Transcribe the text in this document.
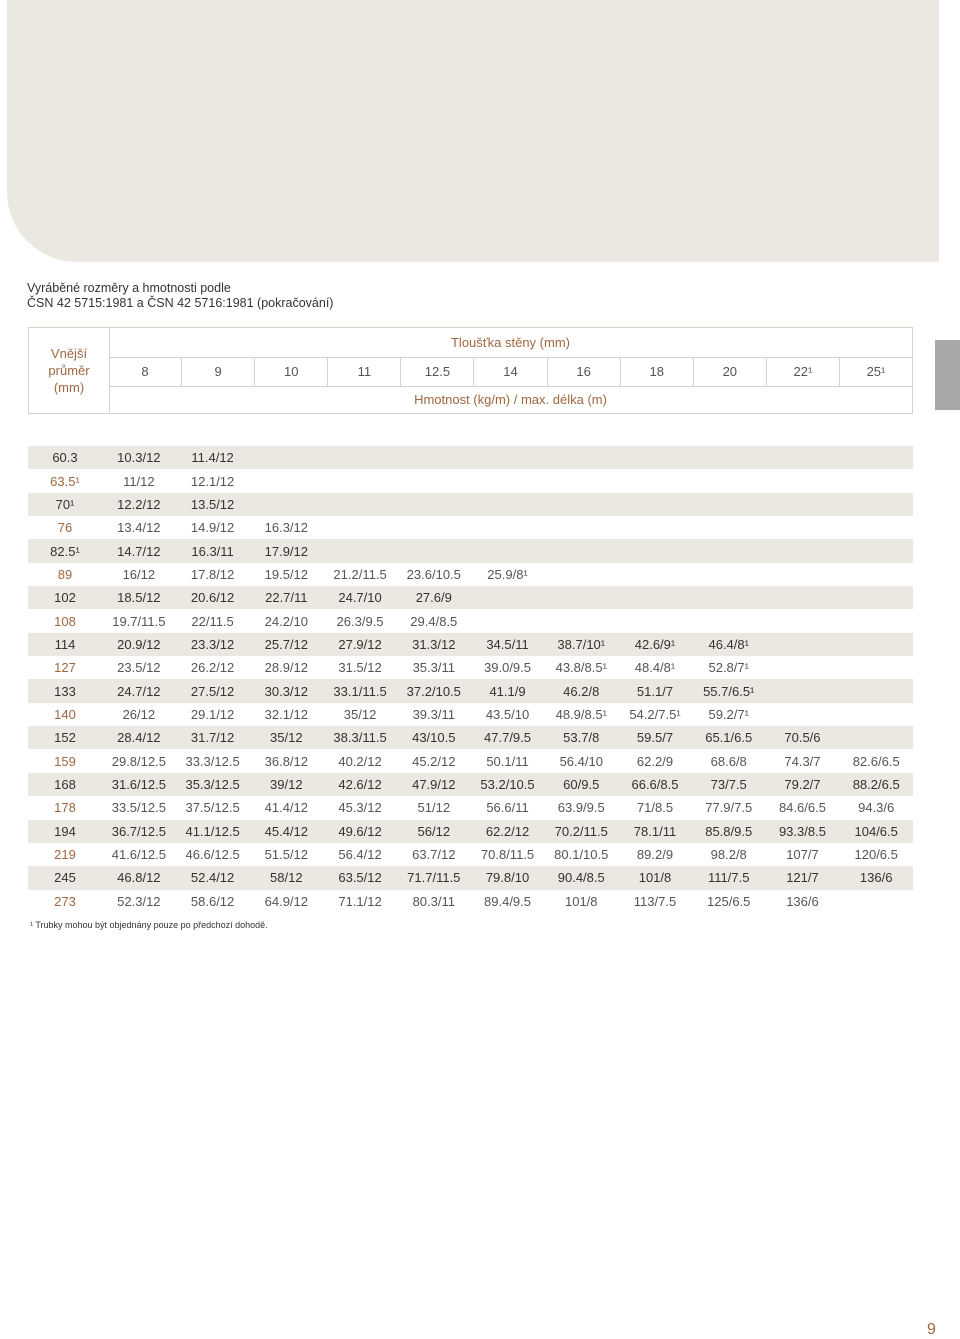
Vyráběné rozměry a hmotnosti podle
ČSN 42 5715:1981 a ČSN 42 5716:1981 (pokračování)
Vnější
průměr
(mm)
Tloušťka stěny (mm)
8	9	10	11	12.5	14	16	18	20	22¹	25¹
Hmotnost (kg/m) / max. délka (m)
60.3	10.3/12	11.4/12
63.5¹	11/12	12.1/12
70¹	12.2/12	13.5/12
76	13.4/12	14.9/12	16.3/12
82.5¹	14.7/12	16.3/11	17.9/12
89	16/12	17.8/12	19.5/12	21.2/11.5	23.6/10.5	25.9/8¹
102	18.5/12	20.6/12	22.7/11	24.7/10	27.6/9
108	19.7/11.5	22/11.5	24.2/10	26.3/9.5	29.4/8.5
114	20.9/12	23.3/12	25.7/12	27.9/12	31.3/12	34.5/11	38.7/10¹	42.6/9¹	46.4/8¹
127	23.5/12	26.2/12	28.9/12	31.5/12	35.3/11	39.0/9.5	43.8/8.5¹	48.4/8¹	52.8/7¹
133	24.7/12	27.5/12	30.3/12	33.1/11.5	37.2/10.5	41.1/9	46.2/8	51.1/7	55.7/6.5¹
140	26/12	29.1/12	32.1/12	35/12	39.3/11	43.5/10	48.9/8.5¹	54.2/7.5¹	59.2/7¹
152	28.4/12	31.7/12	35/12	38.3/11.5	43/10.5	47.7/9.5	53.7/8	59.5/7	65.1/6.5	70.5/6
159	29.8/12.5	33.3/12.5	36.8/12	40.2/12	45.2/12	50.1/11	56.4/10	62.2/9	68.6/8	74.3/7	82.6/6.5
168	31.6/12.5	35.3/12.5	39/12	42.6/12	47.9/12	53.2/10.5	60/9.5	66.6/8.5	73/7.5	79.2/7	88.2/6.5
178	33.5/12.5	37.5/12.5	41.4/12	45.3/12	51/12	56.6/11	63.9/9.5	71/8.5	77.9/7.5	84.6/6.5	94.3/6
194	36.7/12.5	41.1/12.5	45.4/12	49.6/12	56/12	62.2/12	70.2/11.5	78.1/11	85.8/9.5	93.3/8.5	104/6.5
219	41.6/12.5	46.6/12.5	51.5/12	56.4/12	63.7/12	70.8/11.5	80.1/10.5	89.2/9	98.2/8	107/7	120/6.5
245	46.8/12	52.4/12	58/12	63.5/12	71.7/11.5	79.8/10	90.4/8.5	101/8	111/7.5	121/7	136/6
273	52.3/12	58.6/12	64.9/12	71.1/12	80.3/11	89.4/9.5	101/8	113/7.5	125/6.5	136/6
¹ Trubky mohou být objednány pouze po předchozí dohodě.
9
